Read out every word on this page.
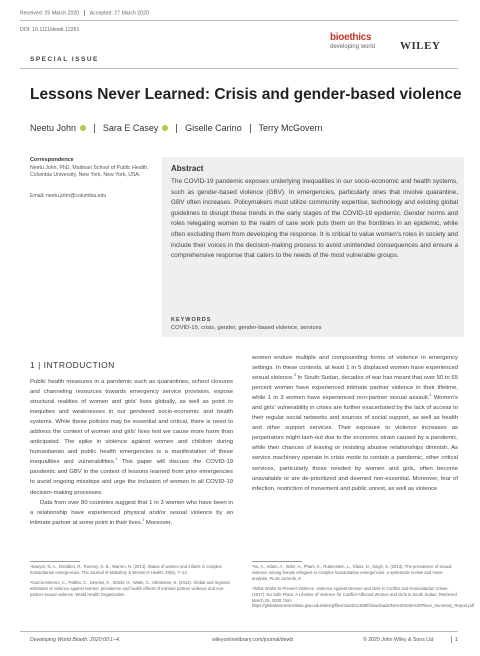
Received: 25 March 2020 Accepted: 27 March 2020
DOI: 10.1111/dewb.12261
developing world
bioethics
WILEY
SPECIAL ISSUE
Lessons Never Learned: Crisis and gender-based violence
Neetu John	Sara E Casey	Giselle Carino Terry McGovern
Correspondence
Neetu John, PhD, Mailman School of Public Health, Columbia University, New York, New York, USA.
Email: neetu.john@columbia.edu
Abstract
The COVID-19 pandemic exposes underlying inequalities in our socio-economic and health systems, such as gender-based violence (GBV). In emergencies, particularly ones that involve quarantine, GBV often increases. Policymakers must utilize community expertise, technology and existing global guidelines to disrupt these trends in the early stages of the COVID-19 epidemic. Gender norms and roles relegating women to the realm of care work puts them on the frontlines in an epidemic, while often excluding them from developing the response. It is critical to value women's roles in society and include their voices in the decision-making process to avoid unintended consequences and ensure a comprehensive response that caters to the needs of the most vulnerable groups.
KEYWORDS
COVID-19, crisis, gender, gender-based violence, services
1 | INTRODUCTION

Public health measures in a pandemic such as quarantines, school closures and channeling resources towards emergency service provision, expose structural realities of women and girls' lives globally, as well as point to inequities and weaknesses in our gendered socio-economic and health systems. While these policies may be essential and critical, there is need to address the context of women and girls' lives lest we cause more harm than anticipated. The spike in violence against women and children during humanitarian and public health emergencies is a manifestation of these inequalities and vulnerabilities.$^1$ This paper will discuss the COVID-19 pandemic and GBV in the context of lessons learned from prior emergencies to avoid ongoing missteps and urge the inclusion of women in all COVID-19 decision-making processes.

Data from over 80 countries suggest that 1 in 3 women who have been in a relationship have experienced physical and/or sexual violence by an intimate partner at some point in their lives.$^2$ Moreover,

women endure multiple and compounding forms of violence in emergency settings. In these contexts, at least 1 in 5 displaced women have experienced sexual violence.$^3$ In South Sudan, decades of war has meant that over 50 to 65 percent women have experienced intimate partner violence in their lifetime, while 1 in 3 women have experienced non-partner sexual assault.$^4$ Women's and girls' vulnerability in crises are further exacerbated by the lack of access to their regular social networks and sources of social support, as well as health and other support services. Their exposure to violence increases as perpetrators might lash-out due to the economic strain caused by a pandemic, while their chances of leaving or resisting abusive relationships diminish. As service machinery operate in crisis mode to contain a pandemic, other critical services, particularly those needed by women and girls, often become unavailable or are de-prioritized and deemed non-essential. Moreover, fear of infection, restriction of movement and public unrest, as well as violence

¹Sawyer, N. A., Dredden, R., Rooney, G. B., Warren, N. (2014). Status of women and infants in complex humanitarian emergencies. The Journal of Midwifery & Women's Health, 49(5), 7–13.

²García-Moreno, C., Pallitto, C., Devries, K., Stöckl, H., Watts, C., Abrahams, N. (2013). Global and regional estimates of violence against women: prevalence and health effects of intimate partner violence and non-partner sexual violence. World Health Organization.

³Vu, A., Adam, A., Wirtz, A., Pham, K., Rubenstein, L., Glass, N., Singh, S. (2014). The prevalence of sexual violence among female refugees in complex humanitarian emergencies: a systematic review and meta-analysis. PLoS currents, 6.

⁴What Works to Prevent Violence. Violence Against Women and Girls in Conflict and Humanitarian Crises. (2017). No Safe Place: A Lifetime of Violence for Conflict-Affected Women and Girls in South Sudan. Retrieved March 25, 2020, from https://globalwomeninstitute.gwu.edu/sites/g/files/zaxdzs1356/f/downloads/No%20Safe%20Place_Summary_Report.pdf

Developing World Bioeth. 2020;00:1–4.	wileyonlinelibrary.com/journal/dewb	© 2020 John Wiley & Sons Ltd	1
